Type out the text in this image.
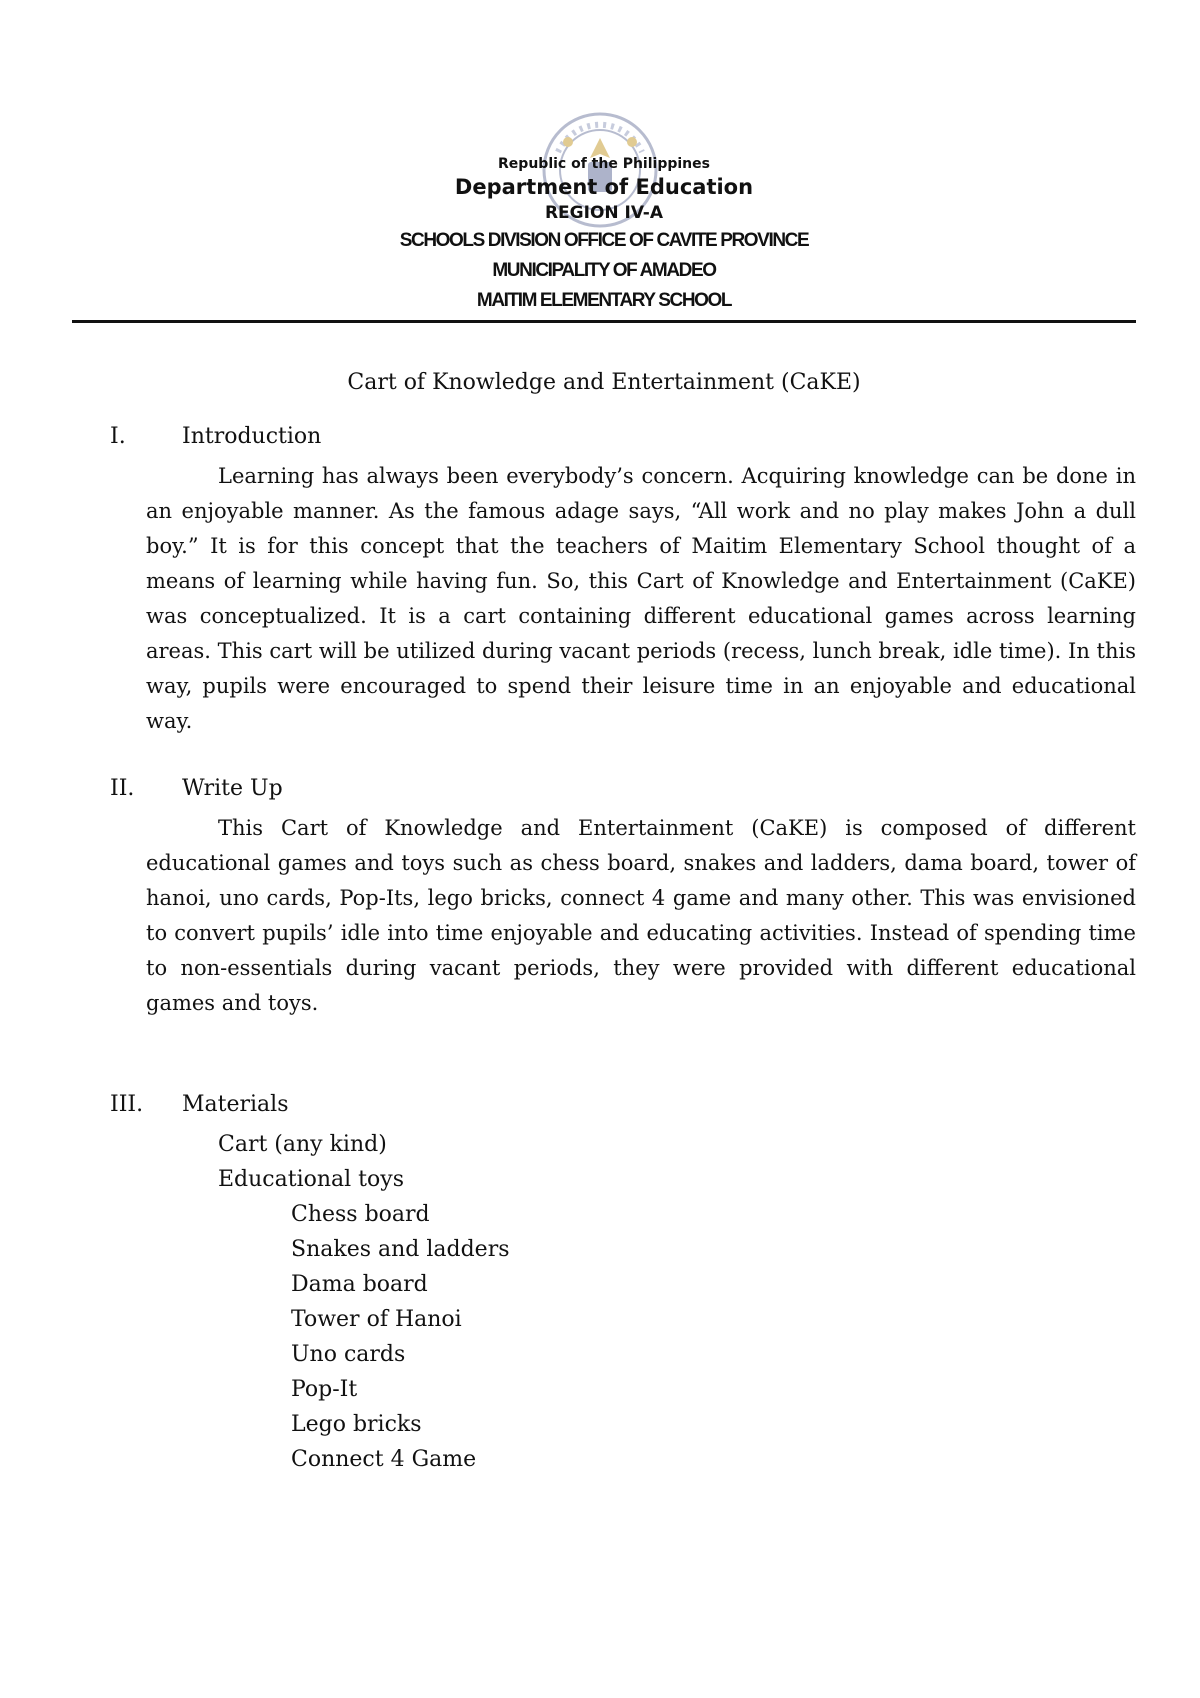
Republic of the Philippines
Department of Education
REGION IV-A
SCHOOLS DIVISION OFFICE OF CAVITE PROVINCE
MUNICIPALITY OF AMADEO
MAITIM ELEMENTARY SCHOOL
Cart of Knowledge and Entertainment (CaKE)
I.	Introduction

Learning has always been everybody’s concern. Acquiring knowledge can be done in an enjoyable manner. As the famous adage says, “All work and no play makes John a dull boy.” It is for this concept that the teachers of Maitim Elementary School thought of a means of learning while having fun. So, this Cart of Knowledge and Entertainment (CaKE) was conceptualized. It is a cart containing different educational games across learning areas. This cart will be utilized during vacant periods (recess, lunch break, idle time). In this way, pupils were encouraged to spend their leisure time in an enjoyable and educational way.

II. Write Up

This Cart of Knowledge and Entertainment (CaKE) is composed of different educational games and toys such as chess board, snakes and ladders, dama board, tower of hanoi, uno cards, Pop-Its, lego bricks, connect 4 game and many other. This was envisioned to convert pupils’ idle into time enjoyable and educating activities. Instead of spending time to non-essentials during vacant periods, they were provided with different educational games and toys.

III. Materials
Cart (any kind)
Educational toys
Chess board
Snakes and ladders
Dama board
Tower of Hanoi
Uno cards
Pop-It
Lego bricks
Connect 4 Game
